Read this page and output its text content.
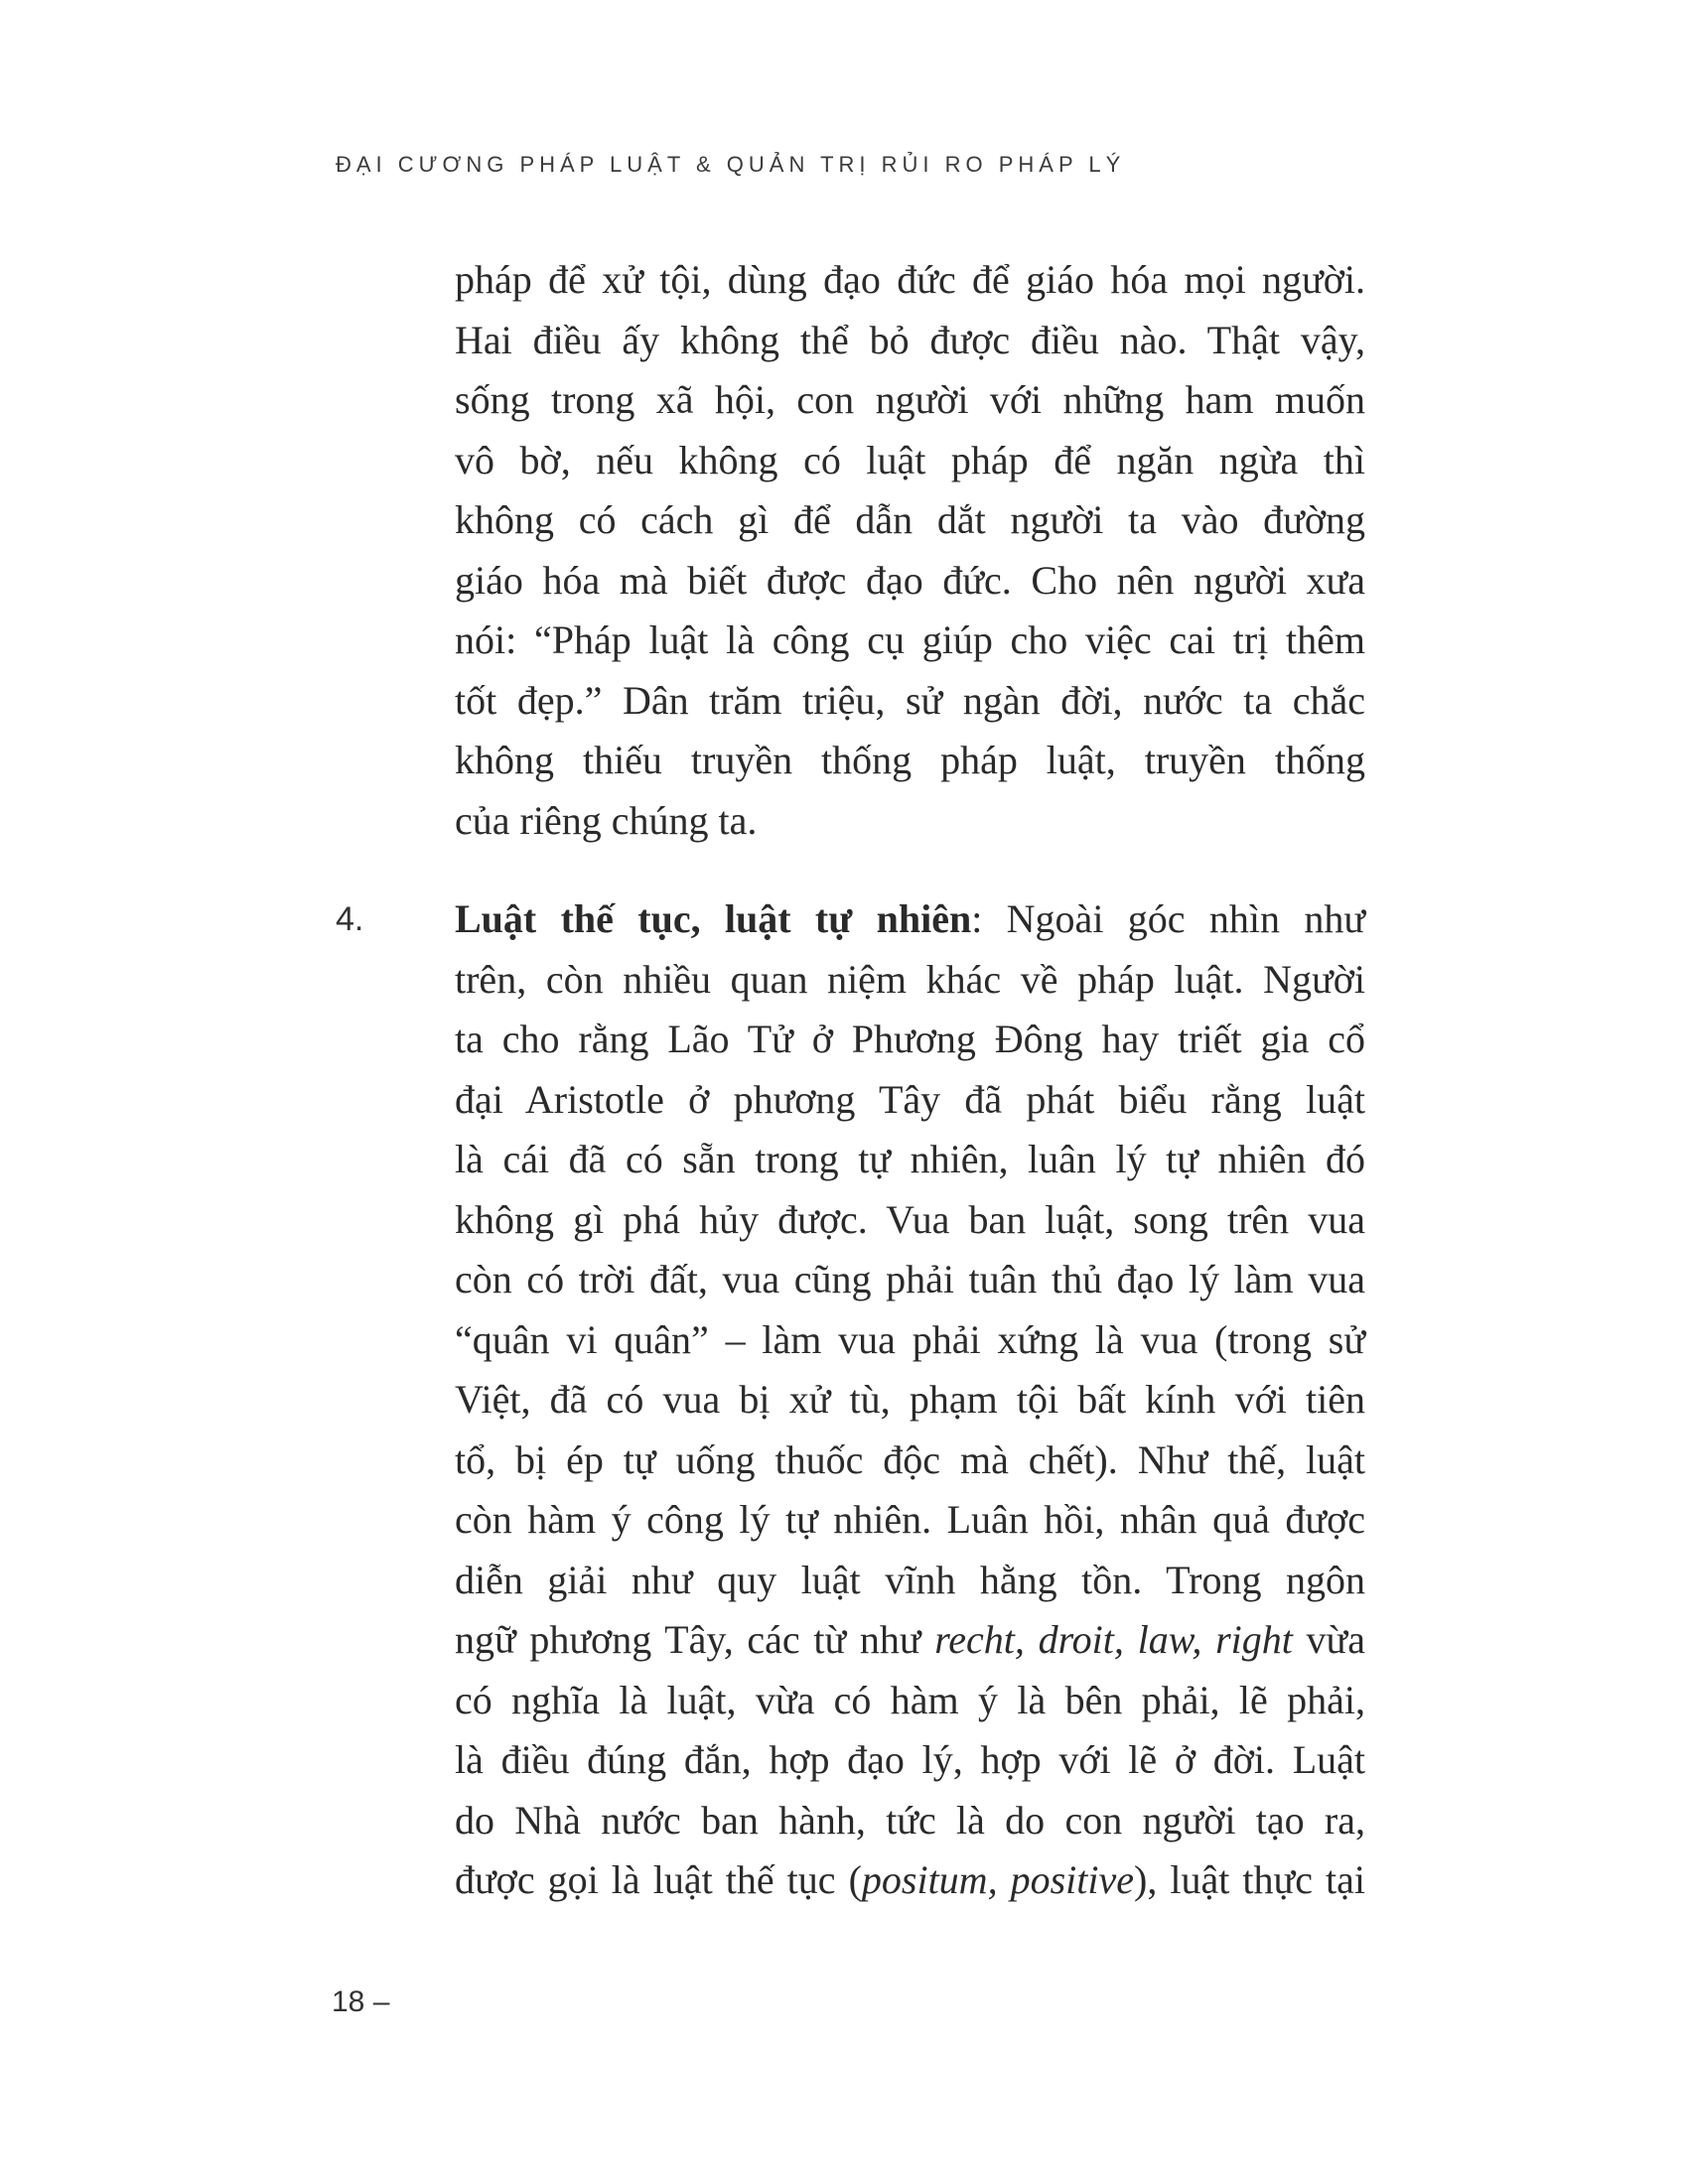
ĐẠI CƯƠNG PHÁP LUẬT & QUẢN TRỊ RỦI RO PHÁP LÝ
pháp để xử tội, dùng đạo đức để giáo hóa mọi người.
Hai điều ấy không thể bỏ được điều nào. Thật vậy,
sống trong xã hội, con người với những ham muốn
vô bờ, nếu không có luật pháp để ngăn ngừa thì
không có cách gì để dẫn dắt người ta vào đường
giáo hóa mà biết được đạo đức. Cho nên người xưa
nói: “Pháp luật là công cụ giúp cho việc cai trị thêm
tốt đẹp.” Dân trăm triệu, sử ngàn đời, nước ta chắc
không thiếu truyền thống pháp luật, truyền thống
của riêng chúng ta.
4. Luật thế tục, luật tự nhiên: Ngoài góc nhìn như
trên, còn nhiều quan niệm khác về pháp luật. Người
ta cho rằng Lão Tử ở Phương Đông hay triết gia cổ
đại Aristotle ở phương Tây đã phát biểu rằng luật
là cái đã có sẵn trong tự nhiên, luân lý tự nhiên đó
không gì phá hủy được. Vua ban luật, song trên vua
còn có trời đất, vua cũng phải tuân thủ đạo lý làm vua
“quân vi quân” – làm vua phải xứng là vua (trong sử
Việt, đã có vua bị xử tù, phạm tội bất kính với tiên
tổ, bị ép tự uống thuốc độc mà chết). Như thế, luật
còn hàm ý công lý tự nhiên. Luân hồi, nhân quả được
diễn giải như quy luật vĩnh hằng tồn. Trong ngôn
ngữ phương Tây, các từ như recht, droit, law, right vừa
có nghĩa là luật, vừa có hàm ý là bên phải, lẽ phải,
là điều đúng đắn, hợp đạo lý, hợp với lẽ ở đời. Luật
do Nhà nước ban hành, tức là do con người tạo ra,
được gọi là luật thế tục (positum, positive), luật thực tại
18 –
